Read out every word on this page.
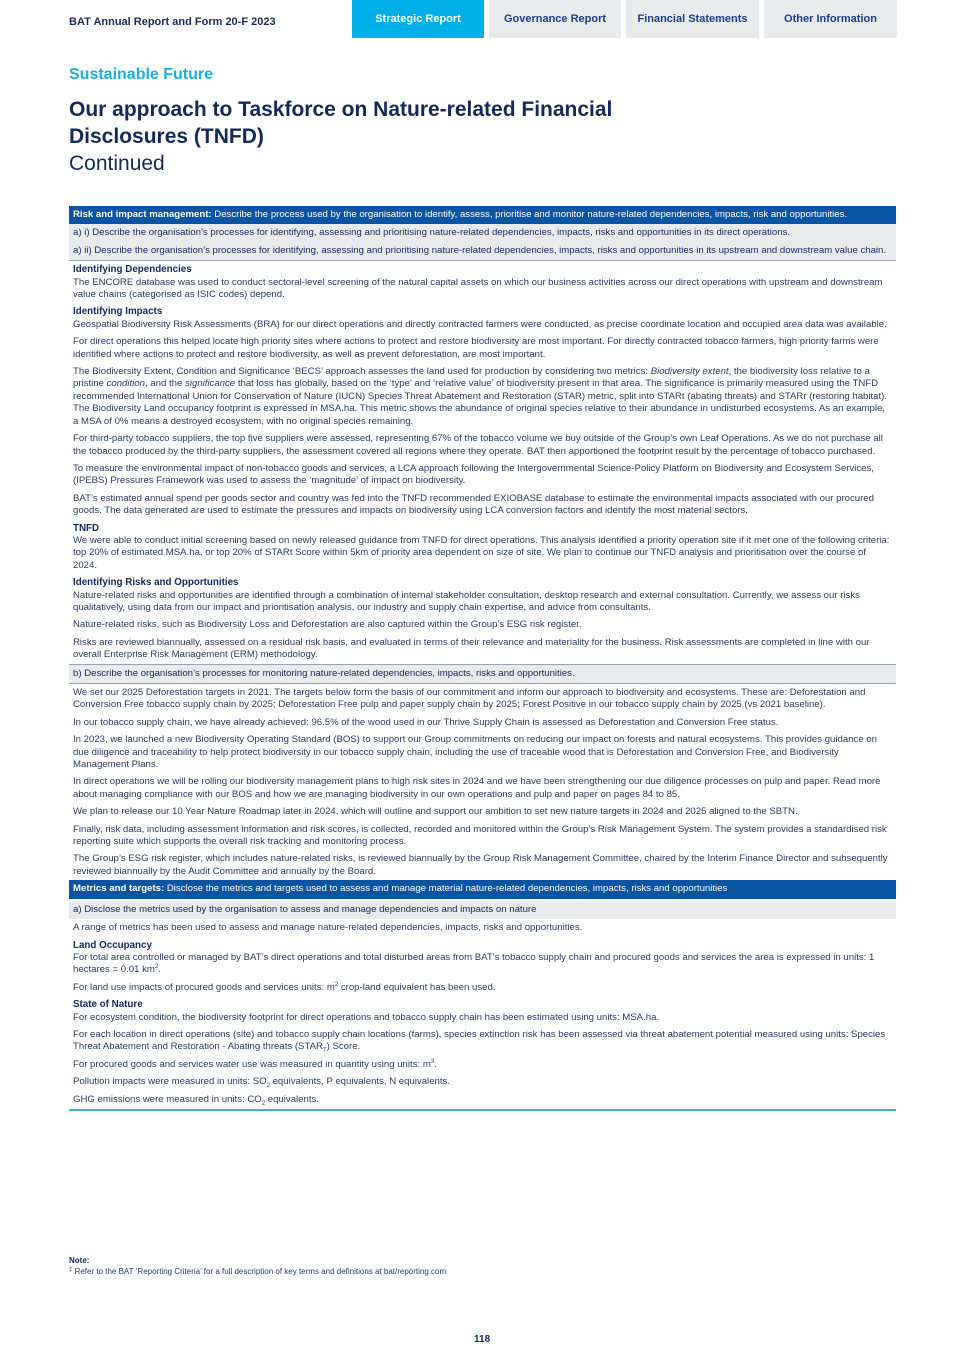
BAT Annual Report and Form 20-F 2023	Strategic Report	Governance Report	Financial Statements	Other Information
Sustainable Future
Our approach to Taskforce on Nature-related Financial Disclosures (TNFD)
Continued
Risk and impact management: Describe the process used by the organisation to identify, assess, prioritise and monitor nature-related dependencies, impacts, risk and opportunities.

a) i) Describe the organisation’s processes for identifying, assessing and prioritising nature-related dependencies, impacts, risks and opportunities in its direct operations.

a) ii) Describe the organisation’s processes for identifying, assessing and prioritising nature-related dependencies, impacts, risks and opportunities in its upstream and downstream value chain.

Identifying Dependencies

The ENCORE database was used to conduct sectoral-level screening of the natural capital assets on which our business activities across our direct operations with upstream and downstream value chains (categorised as ISIC codes) depend.

Identifying Impacts

Geospatial Biodiversity Risk Assessments (BRA) for our direct operations and directly contracted farmers were conducted, as precise coordinate location and occupied area data was available.

For direct operations this helped locate high priority sites where actions to protect and restore biodiversity are most important. For directly contracted tobacco farmers, high priority farms were identified where actions to protect and restore biodiversity, as well as prevent deforestation, are most important.

The Biodiversity Extent, Condition and Significance ‘BECS’ approach assesses the land used for production by considering two metrics: Biodiversity extent, the biodiversity loss relative to a pristine condition, and the significance that loss has globally, based on the ‘type’ and ‘relative value’ of biodiversity present in that area. The significance is primarily measured using the TNFD recommended International Union for Conservation of Nature (IUCN) Species Threat Abatement and Restoration (STAR) metric, split into STARt (abating threats) and STARr (restoring habitat). The Biodiversity Land occupancy footprint is expressed in MSA.ha. This metric shows the abundance of original species relative to their abundance in undisturbed ecosystems. As an example, a MSA of 0% means a destroyed ecosystem, with no original species remaining.

For third-party tobacco suppliers, the top five suppliers were assessed, representing 67% of the tobacco volume we buy outside of the Group’s own Leaf Operations. As we do not purchase all the tobacco produced by the third-party suppliers, the assessment covered all regions where they operate. BAT then apportioned the footprint result by the percentage of tobacco purchased.

To measure the environmental impact of non-tobacco goods and services, a LCA approach following the Intergovernmental Science-Policy Platform on Biodiversity and Ecosystem Services, (IPEBS) Pressures Framework was used to assess the ‘magnitude’ of impact on biodiversity.

BAT’s estimated annual spend per goods sector and country was fed into the TNFD recommended EXIOBASE database to estimate the environmental impacts associated with our procured goods. The data generated are used to estimate the pressures and impacts on biodiversity using LCA conversion factors and identify the most material sectors.

TNFD

We were able to conduct initial screening based on newly released guidance from TNFD for direct operations. This analysis identified a priority operation site if it met one of the following criteria: top 20% of estimated MSA.ha, or top 20% of STARt Score within 5km of priority area dependent on size of site. We plan to continue our TNFD analysis and prioritisation over the course of 2024.

Identifying Risks and Opportunities

Nature-related risks and opportunities are identified through a combination of internal stakeholder consultation, desktop research and external consultation. Currently, we assess our risks qualitatively, using data from our impact and prioritisation analysis, our industry and supply chain expertise, and advice from consultants.

Nature-related risks, such as Biodiversity Loss and Deforestation are also captured within the Group’s ESG risk register.

Risks are reviewed biannually, assessed on a residual risk basis, and evaluated in terms of their relevance and materiality for the business. Risk assessments are completed in line with our overall Enterprise Risk Management (ERM) methodology.

b) Describe the organisation’s processes for monitoring nature-related dependencies, impacts, risks and opportunities.

We set our 2025 Deforestation targets in 2021. The targets below form the basis of our commitment and inform our approach to biodiversity and ecosystems. These are: Deforestation and Conversion Free tobacco supply chain by 2025; Deforestation Free pulp and paper supply chain by 2025; Forest Positive in our tobacco supply chain by 2025 (vs 2021 baseline).

In our tobacco supply chain, we have already achieved: 96.5% of the wood used in our Thrive Supply Chain is assessed as Deforestation and Conversion Free status.

In 2023, we launched a new Biodiversity Operating Standard (BOS) to support our Group commitments on reducing our impact on forests and natural ecosystems. This provides guidance on due diligence and traceability to help protect biodiversity in our tobacco supply chain, including the use of traceable wood that is Deforestation and Conversion Free, and Biodiversity Management Plans.

In direct operations we will be rolling our biodiversity management plans to high risk sites in 2024 and we have been strengthening our due diligence processes on pulp and paper. Read more about managing compliance with our BOS and how we are managing biodiversity in our own operations and pulp and paper on pages 84 to 85.

We plan to release our 10 Year Nature Roadmap later in 2024, which will outline and support our ambition to set new nature targets in 2024 and 2025 aligned to the SBTN.

Finally, risk data, including assessment information and risk scores, is collected, recorded and monitored within the Group’s Risk Management System. The system provides a standardised risk reporting suite which supports the overall risk tracking and monitoring process.

The Group’s ESG risk register, which includes nature-related risks, is reviewed biannually by the Group Risk Management Committee, chaired by the Interim Finance Director and subsequently reviewed biannually by the Audit Committee and annually by the Board.

Metrics and targets: Disclose the metrics and targets used to assess and manage material nature-related dependencies, impacts, risks and opportunities

a) Disclose the metrics used by the organisation to assess and manage dependencies and impacts on nature

A range of metrics has been used to assess and manage nature-related dependencies, impacts, risks and opportunities.

Land Occupancy

For total area controlled or managed by BAT’s direct operations and total disturbed areas from BAT’s tobacco supply chain and procured goods and services the area is expressed in units: 1 hectares = 0.01 $km^2$.

For land use impacts of procured goods and services units: $m^2$ crop-land equivalent has been used.

State of Nature

For ecosystem condition, the biodiversity footprint for direct operations and tobacco supply chain has been estimated using units: MSA.ha.

For each location in direct operations (site) and tobacco supply chain locations (farms), species extinction risk has been assessed via threat abatement potential measured using units: Species Threat Abatement and Restoration - Abating threats $(STAR_T)$ Score.

For procured goods and services water use was measured in quantity using units: $m^3$.

Pollution impacts were measured in units: $SO_2$ equivalents, P equivalents, N equivalents.

GHG emissions were measured in units: $CO_2$ equivalents.

Note:
‡ Refer to the BAT ‘Reporting Criteria’ for a full description of key terms and definitions at bat/reporting.com
118
